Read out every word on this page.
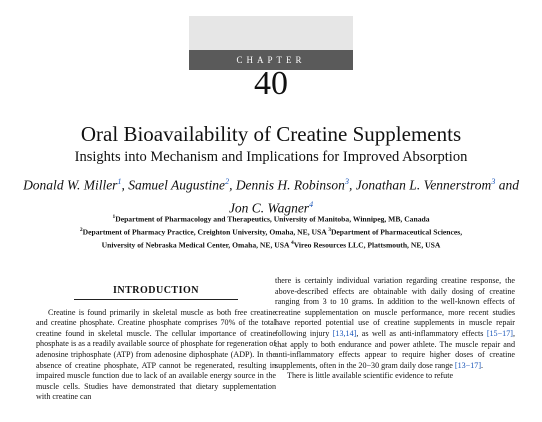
CHAPTER
40
Oral Bioavailability of Creatine Supplements
Insights into Mechanism and Implications for Improved Absorption
Donald W. Miller$^1$, Samuel Augustine$^2$, Dennis H. Robinson$^3$, Jonathan L. Vennerstrom$^3$ and Jon C. Wagner$^4$
$^1$Department of Pharmacology and Therapeutics, University of Manitoba, Winnipeg, MB, Canada
$^2$Department of Pharmacy Practice, Creighton University, Omaha, NE, USA $^3$Department of Pharmaceutical Sciences,
University of Nebraska Medical Center, Omaha, NE, USA $^4$Vireo Resources LLC, Plattsmouth, NE, USA
INTRODUCTION

Creatine is found primarily in skeletal muscle as both free creatine and creatine phosphate. Creatine phosphate comprises 70% of the total creatine found in skeletal muscle. The cellular importance of creatine phosphate is as a readily available source of phosphate for regeneration of adenosine triphosphate (ATP) from adenosine diphosphate (ADP). In the absence of creatine phosphate, ATP cannot be regenerated, resulting in impaired muscle function due to lack of an available energy source in the muscle cells. Studies have demonstrated that dietary supplementation with creatine can

there is certainly individual variation regarding creatine response, the above-described effects are obtainable with daily dosing of creatine ranging from 3 to 10 grams. In addition to the well-known effects of creatine supplementation on muscle performance, more recent studies have reported potential use of creatine supplements in muscle repair following injury [13,14], as well as anti-inflammatory effects [15−17], that apply to both endurance and power athlete. The muscle repair and anti-inflammatory effects appear to require higher doses of creatine supplements, often in the 20−30 gram daily dose range [13−17].

There is little available scientific evidence to refute
